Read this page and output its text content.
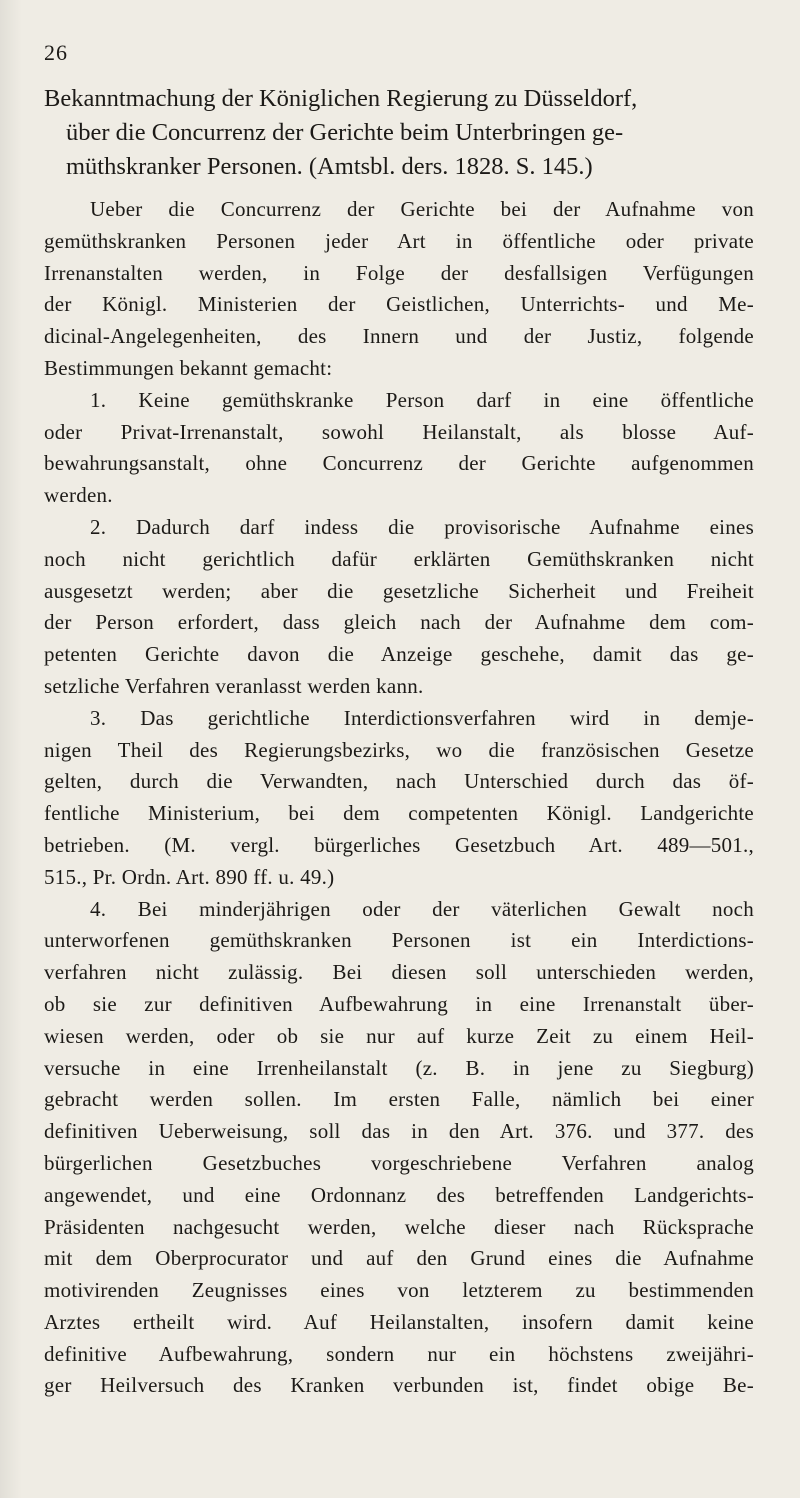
26
Bekanntmachung der Königlichen Regierung zu Düsseldorf,
über die Concurrenz der Gerichte beim Unterbringen ge-
müthskranker Personen. (Amtsbl. ders. 1828. S. 145.)

Ueber die Concurrenz der Gerichte bei der Aufnahme von
gemüthskranken Personen jeder Art in öffentliche oder private
Irrenanstalten werden, in Folge der desfallsigen Verfügungen
der Königl. Ministerien der Geistlichen, Unterrichts- und Me-
dicinal-Angelegenheiten, des Innern und der Justiz, folgende
Bestimmungen bekannt gemacht:

1. Keine gemüthskranke Person darf in eine öffentliche
oder Privat-Irrenanstalt, sowohl Heilanstalt, als blosse Auf-
bewahrungsanstalt, ohne Concurrenz der Gerichte aufgenommen
werden.

2. Dadurch darf indess die provisorische Aufnahme eines
noch nicht gerichtlich dafür erklärten Gemüthskranken nicht
ausgesetzt werden; aber die gesetzliche Sicherheit und Freiheit
der Person erfordert, dass gleich nach der Aufnahme dem com-
petenten Gerichte davon die Anzeige geschehe, damit das ge-
setzliche Verfahren veranlasst werden kann.

3. Das gerichtliche Interdictionsverfahren wird in demje-
nigen Theil des Regierungsbezirks, wo die französischen Gesetze
gelten, durch die Verwandten, nach Unterschied durch das öf-
fentliche Ministerium, bei dem competenten Königl. Landgerichte
betrieben. (M. vergl. bürgerliches Gesetzbuch Art. 489—501.,
515., Pr. Ordn. Art. 890 ff. u. 49.)

4. Bei minderjährigen oder der väterlichen Gewalt noch
unterworfenen gemüthskranken Personen ist ein Interdictions-
verfahren nicht zulässig. Bei diesen soll unterschieden werden,
ob sie zur definitiven Aufbewahrung in eine Irrenanstalt über-
wiesen werden, oder ob sie nur auf kurze Zeit zu einem Heil-
versuche in eine Irrenheilanstalt (z. B. in jene zu Siegburg)
gebracht werden sollen. Im ersten Falle, nämlich bei einer
definitiven Ueberweisung, soll das in den Art. 376. und 377. des
bürgerlichen Gesetzbuches vorgeschriebene Verfahren analog
angewendet, und eine Ordonnanz des betreffenden Landgerichts-
Präsidenten nachgesucht werden, welche dieser nach Rücksprache
mit dem Oberprocurator und auf den Grund eines die Aufnahme
motivirenden Zeugnisses eines von letzterem zu bestimmenden
Arztes ertheilt wird. Auf Heilanstalten, insofern damit keine
definitive Aufbewahrung, sondern nur ein höchstens zweijähri-
ger Heilversuch des Kranken verbunden ist, findet obige Be-
